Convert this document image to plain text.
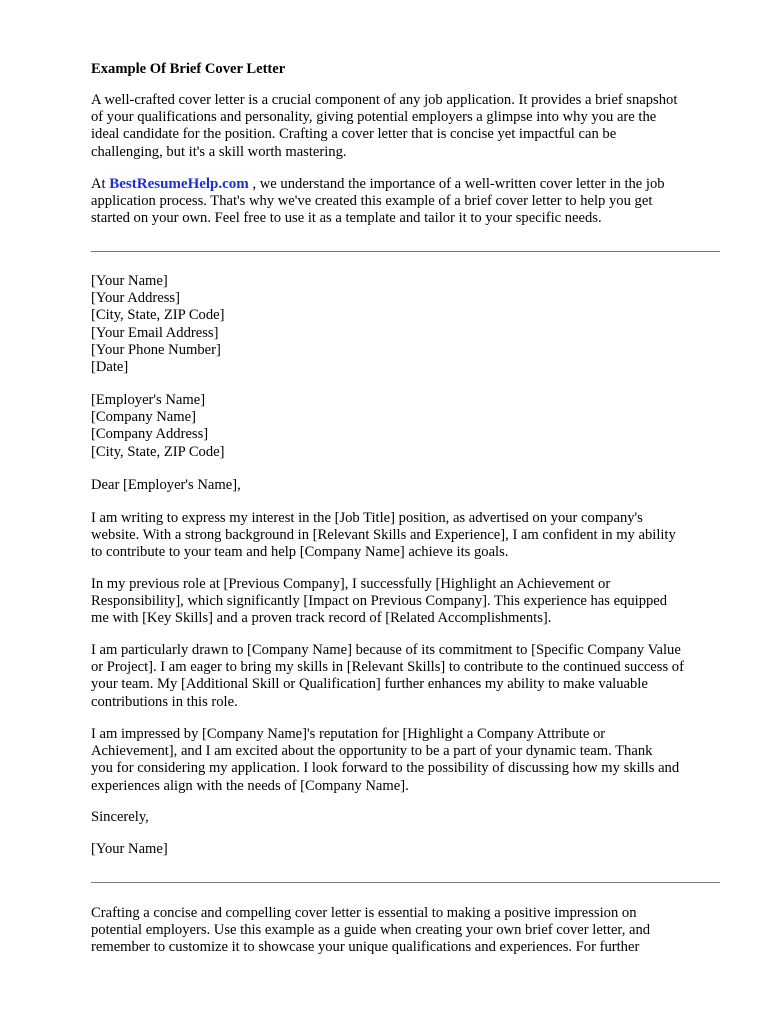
Example Of Brief Cover Letter
A well-crafted cover letter is a crucial component of any job application. It provides a brief snapshot
of your qualifications and personality, giving potential employers a glimpse into why you are the
ideal candidate for the position. Crafting a cover letter that is concise yet impactful can be
challenging, but it's a skill worth mastering.
At BestResumeHelp.com , we understand the importance of a well-written cover letter in the job
application process. That's why we've created this example of a brief cover letter to help you get
started on your own. Feel free to use it as a template and tailor it to your specific needs.
[Your Name]
[Your Address]
[City, State, ZIP Code]
[Your Email Address]
[Your Phone Number]
[Date]
[Employer's Name]
[Company Name]
[Company Address]
[City, State, ZIP Code]
Dear [Employer's Name],
I am writing to express my interest in the [Job Title] position, as advertised on your company's
website. With a strong background in [Relevant Skills and Experience], I am confident in my ability
to contribute to your team and help [Company Name] achieve its goals.
In my previous role at [Previous Company], I successfully [Highlight an Achievement or
Responsibility], which significantly [Impact on Previous Company]. This experience has equipped
me with [Key Skills] and a proven track record of [Related Accomplishments].
I am particularly drawn to [Company Name] because of its commitment to [Specific Company Value
or Project]. I am eager to bring my skills in [Relevant Skills] to contribute to the continued success of
your team. My [Additional Skill or Qualification] further enhances my ability to make valuable
contributions in this role.
I am impressed by [Company Name]'s reputation for [Highlight a Company Attribute or
Achievement], and I am excited about the opportunity to be a part of your dynamic team. Thank
you for considering my application. I look forward to the possibility of discussing how my skills and
experiences align with the needs of [Company Name].
Sincerely,
[Your Name]
Crafting a concise and compelling cover letter is essential to making a positive impression on
potential employers. Use this example as a guide when creating your own brief cover letter, and
remember to customize it to showcase your unique qualifications and experiences. For further
